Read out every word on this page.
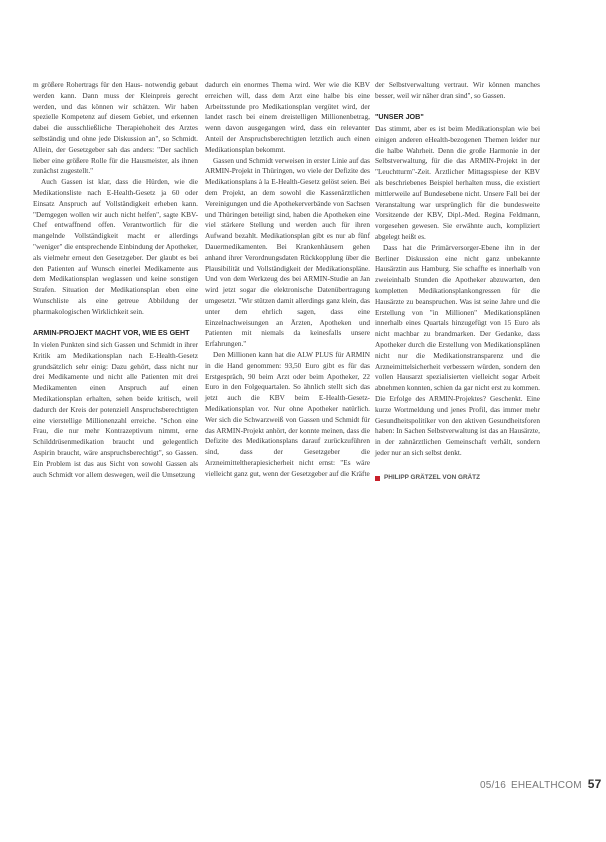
m größere Rohertrags für den Haus- notwendig gebaut werden kann. Dann muss der Kleinpreis gerecht werden, und das können wir schätzen. Wir haben spezielle Kompetenz auf diesem Gebiet, und erkennen dabei die ausschließliche Therapiehoheit des Arztes selbständig und ohne jede Diskussion an", so Schmidt. Allein, der Gesetzgeber sah das anders: "Der sachlich lieber eine größere Rolle für die Hausmeister, als ihnen zunächst zugestellt."

Auch Gassen ist klar, dass die Hürden, wie die Medikationsliste nach E-Health-Gesetz ja 60 oder Einsatz Anspruch auf Vollständigkeit erheben kann. "Demgegen wollen wir auch nicht helfen", sagte KBV-Chef entwaffnend offen. Verantwortlich für die mangelnde Vollständigkeit macht er allerdings "weniger" die entsprechende Einbindung der Apotheker, als vielmehr erneut den Gesetzgeber. Der glaubt es bei den Patienten auf Wunsch einerlei Medikamente aus dem Medikationsplan weglassen und keine sonstigen Strafen. Situation der Medikationsplan eben eine Wunschliste als eine getreue Abbildung der pharmakologischen Wirklichkeit sein.

ARMIN-PROJEKT MACHT VOR, WIE ES GEHT

In vielen Punkten sind sich Gassen und Schmidt in ihrer Kritik am Medikationsplan nach E-Health-Gesetz grundsätzlich sehr einig: Dazu gehört, dass nicht nur drei Medikamente und nicht alle Patienten mit drei Medikamenten einen Anspruch auf einen Medikationsplan erhalten, sehen beide kritisch, weil dadurch der Kreis der potenziell Anspruchsberechtigten eine vierstellige Millionenzahl erreiche. "Schon eine Frau, die nur mehr Kontrazeptivum nimmt, erne Schilddrüsenmedikation braucht und gelegentlich Aspirin braucht, wäre anspruchsberechtigt", so Gassen. Ein Problem ist das aus Sicht von sowohl Gassen als auch Schmidt vor allem deswegen, weil die Umsetzung

dadurch ein enormes Thema wird. Wer wie die KBV erreichen will, dass dem Arzt eine halbe bis eine Arbeitsstunde pro Medikationsplan vergütet wird, der landet rasch bei einem dreistelligen Millionenbetrag, wenn davon ausgegangen wird, dass ein relevanter Anteil der Anspruchsberechtigten letztlich auch einen Medikationsplan bekommt.

Gassen und Schmidt verweisen in erster Linie auf das ARMIN-Projekt in Thüringen, wo viele der Defizite des Medikationsplans à la E-Health-Gesetz gelöst seien. Bei dem Projekt, an dem sowohl die Kassenärztlichen Vereinigungen und die Apothekerverbände von Sachsen und Thüringen beteiligt sind, haben die Apotheken eine viel stärkere Stellung und werden auch für ihren Aufwand bezahlt. Medikationsplan gibt es nur ab fünf Dauermedikamenten. Bei Krankenhäusern gehen anhand ihrer Verordnungsdaten Rückkopplung über die Plausibilität und Vollständigkeit der Medikationspläne. Und von dem Werkzeug des bei ARMIN-Studie an Jan wird jetzt sogar die elektronische Datenübertragung umgesetzt. "Wir stützen damit allerdings ganz klein, das unter dem ehrlich sagen, dass eine Einzelnachweisungen an Ärzten, Apotheken und Patienten mit niemals da keinesfalls unsere Erfahrungen."

Den Millionen kann hat die ALW PLUS für ARMIN in die Hand genommen: 93,50 Euro gibt es für das Erstgespräch, 90 beim Arzt oder beim Apotheker, 22 Euro in den Folgequartalen. So ähnlich stellt sich das jetzt auch die KBV beim E-Health-Gesetz-Medikationsplan vor. Nur ohne Apotheker natürlich. Wer sich die Schwarzweiß von Gassen und Schmidt für das ARMIN-Projekt anhört, der konnte meinen, dass die Defizite des Medikationsplans darauf zurückzuführen sind, dass der Gesetzgeber die Arzneimitteltherapiesicherheit nicht ernst: "Es wäre vielleicht ganz gut, wenn der Gesetzgeber auf die Kräfte

der Selbstverwaltung vertraut. Wir können manches besser, weil wir näher dran sind", so Gassen.

"UNSER JOB"

Das stimmt, aber es ist beim Medikationsplan wie bei einigen anderen eHealth-bezogenen Themen leider nur die halbe Wahrheit. Denn die große Harmonie in der Selbstverwaltung, für die das ARMIN-Projekt in der "Leuchtturm"-Zeit. Ärztlicher Mittagsspiese der KBV als beschriebenes Beispiel herhalten muss, die existiert mittlerweile auf Bundesebene nicht. Unsere Fall bei der Veranstaltung war ursprünglich für die bundesweite Vorsitzende der KBV, Dipl.-Med. Regina Feldmann, vorgesehen gewesen. Sie erwähnte auch, kompliziert abgelegt heißt es.

Dass hat die Primärversorger-Ebene ihn in der Berliner Diskussion eine nicht ganz unbekannte Hausärztin aus Hamburg. Sie schaffte es innerhalb von zweieinhalb Stunden die Apotheker abzuwarten, den kompletten Medikationsplankongressen für die Hausärzte zu beanspruchen. Was ist seine Jahre und die Erstellung von "in Millionen" Medikationsplänen innerhalb eines Quartals hinzugefügt von 15 Euro als nicht machbar zu brandmarken. Der Gedanke, dass Apotheker durch die Erstellung von Medikationsplänen nicht nur die Medikationstransparenz und die Arzneimittelsicherheit verbessern würden, sondern den vollen Hausarzt spezialisierten vielleicht sogar Arbeit abnehmen konnten, schien da gar nicht erst zu kommen. Die Erfolge des ARMIN-Projektes? Geschenkt. Eine kurze Wortmeldung und jenes Profil, das immer mehr Gesundheitspolitiker von den aktiven Gesundheitsforen haben: In Sachen Selbstverwaltung ist das an Hausärzte, in der zahnärztlichen Gemeinschaft verhält, sondern jeder nur an sich selbst denkt.

PHILIPP GRÄTZEL VON GRÄTZ
05/16 EHEALTHCOM 57
